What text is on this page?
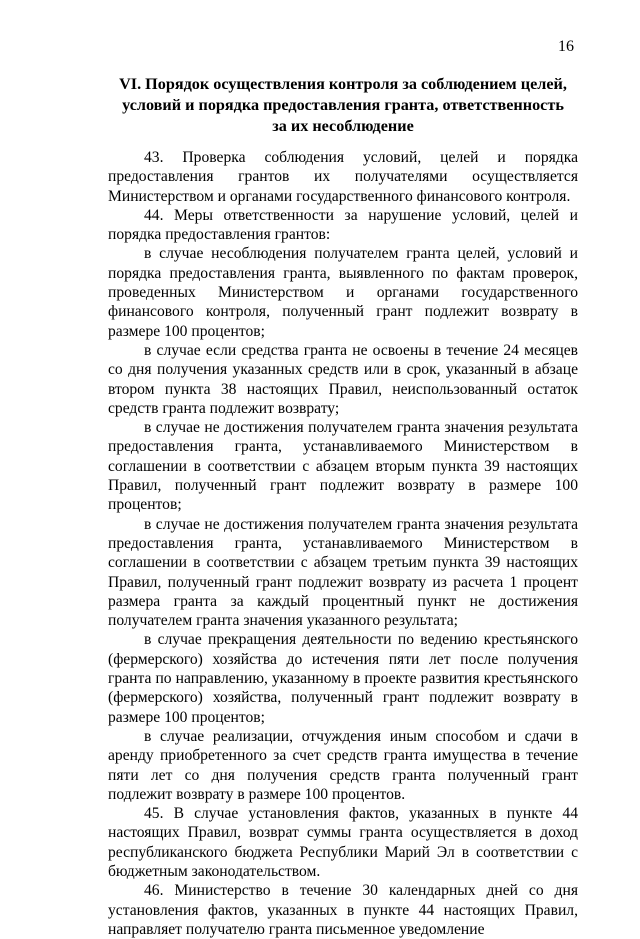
16
VI. Порядок осуществления контроля за соблюдением целей,
условий и порядка предоставления гранта, ответственность
за их несоблюдение

43. Проверка соблюдения условий, целей и порядка предоставления грантов их получателями осуществляется Министерством и органами государственного финансового контроля.

44. Меры ответственности за нарушение условий, целей и порядка предоставления грантов:

в случае несоблюдения получателем гранта целей, условий и порядка предоставления гранта, выявленного по фактам проверок, проведенных Министерством и органами государственного финансового контроля, полученный грант подлежит возврату в размере 100 процентов;

в случае если средства гранта не освоены в течение 24 месяцев со дня получения указанных средств или в срок, указанный в абзаце втором пункта 38 настоящих Правил, неиспользованный остаток средств гранта подлежит возврату;

в случае не достижения получателем гранта значения результата предоставления гранта, устанавливаемого Министерством в соглашении в соответствии с абзацем вторым пункта 39 настоящих Правил, полученный грант подлежит возврату в размере 100 процентов;

в случае не достижения получателем гранта значения результата предоставления гранта, устанавливаемого Министерством в соглашении в соответствии с абзацем третьим пункта 39 настоящих Правил, полученный грант подлежит возврату из расчета 1 процент размера гранта за каждый процентный пункт не достижения получателем гранта значения указанного результата;

в случае прекращения деятельности по ведению крестьянского (фермерского) хозяйства до истечения пяти лет после получения гранта по направлению, указанному в проекте развития крестьянского (фермерского) хозяйства, полученный грант подлежит возврату в размере 100 процентов;

в случае реализации, отчуждения иным способом и сдачи в аренду приобретенного за счет средств гранта имущества в течение пяти лет со дня получения средств гранта полученный грант подлежит возврату в размере 100 процентов.

45. В случае установления фактов, указанных в пункте 44 настоящих Правил, возврат суммы гранта осуществляется в доход республиканского бюджета Республики Марий Эл в соответствии с бюджетным законодательством.

46. Министерство в течение 30 календарных дней со дня установления фактов, указанных в пункте 44 настоящих Правил, направляет получателю гранта письменное уведомление
